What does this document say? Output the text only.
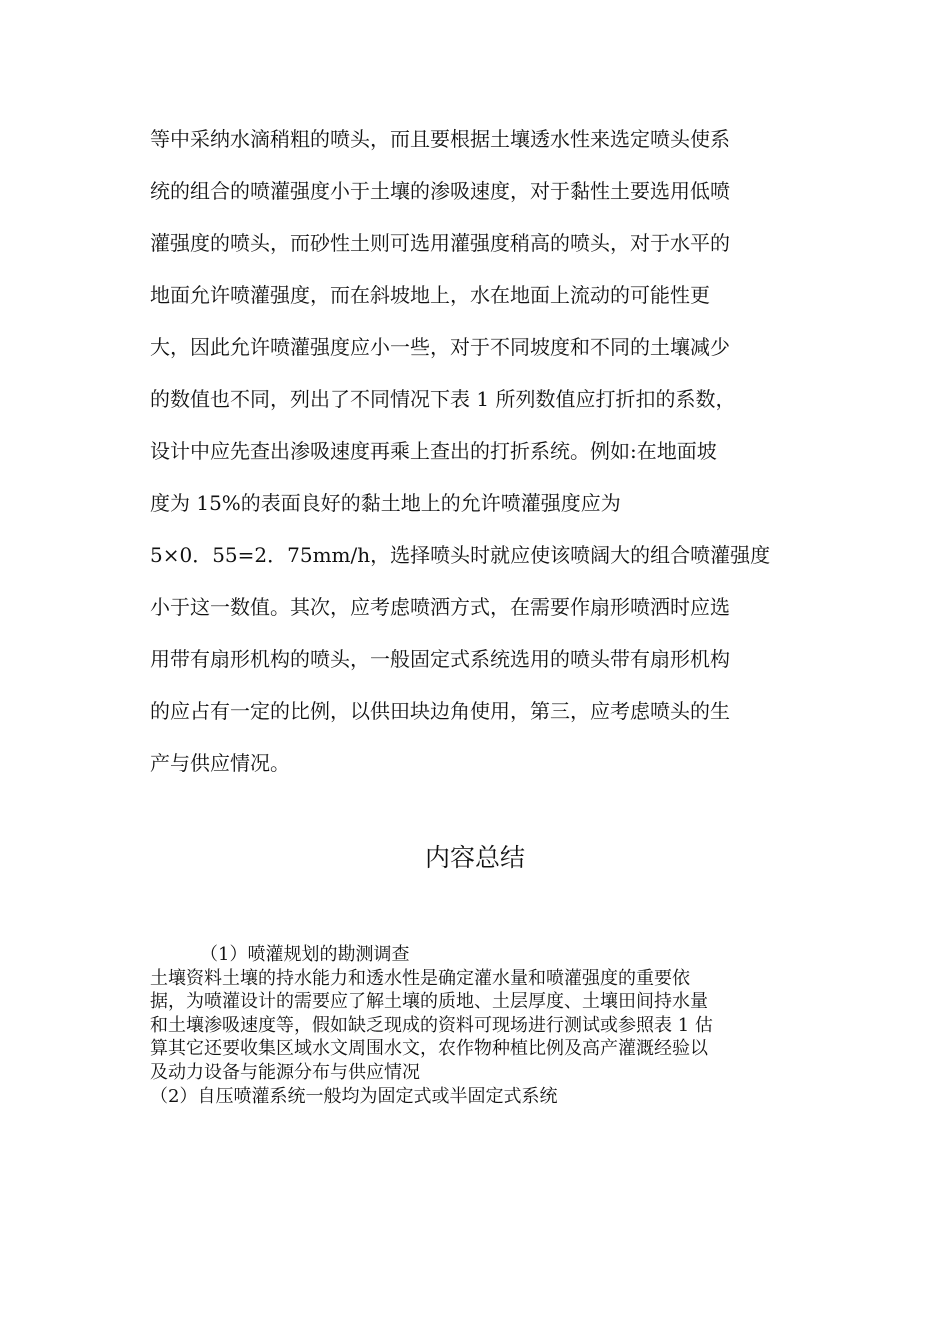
等中采纳水滴稍粗的喷头，而且要根据土壤透水性来选定喷头使系

统的组合的喷灌强度小于土壤的渗吸速度，对于黏性土要选用低喷

灌强度的喷头，而砂性土则可选用灌强度稍高的喷头，对于水平的

地面允许喷灌强度，而在斜坡地上，水在地面上流动的可能性更

大，因此允许喷灌强度应小一些，对于不同坡度和不同的土壤减少

的数值也不同，列出了不同情况下表 1 所列数值应打折扣的系数，

设计中应先查出渗吸速度再乘上查出的打折系统。例如:在地面坡

度为 15%的表面良好的黏土地上的允许喷灌强度应为

5×0．55=2．75mm/h，选择喷头时就应使该喷阔大的组合喷灌强度

小于这一数值。其次，应考虑喷洒方式，在需要作扇形喷洒时应选

用带有扇形机构的喷头，一般固定式系统选用的喷头带有扇形机构

的应占有一定的比例，以供田块边角使用，第三，应考虑喷头的生

产与供应情况。

内容总结

（1）喷灌规划的勘测调查

土壤资料土壤的持水能力和透水性是确定灌水量和喷灌强度的重要依

据，为喷灌设计的需要应了解土壤的质地、土层厚度、土壤田间持水量

和土壤渗吸速度等，假如缺乏现成的资料可现场进行测试或参照表 1 估

算其它还要收集区域水文周围水文，农作物种植比例及高产灌溉经验以

及动力设备与能源分布与供应情况

（2）自压喷灌系统一般均为固定式或半固定式系统
